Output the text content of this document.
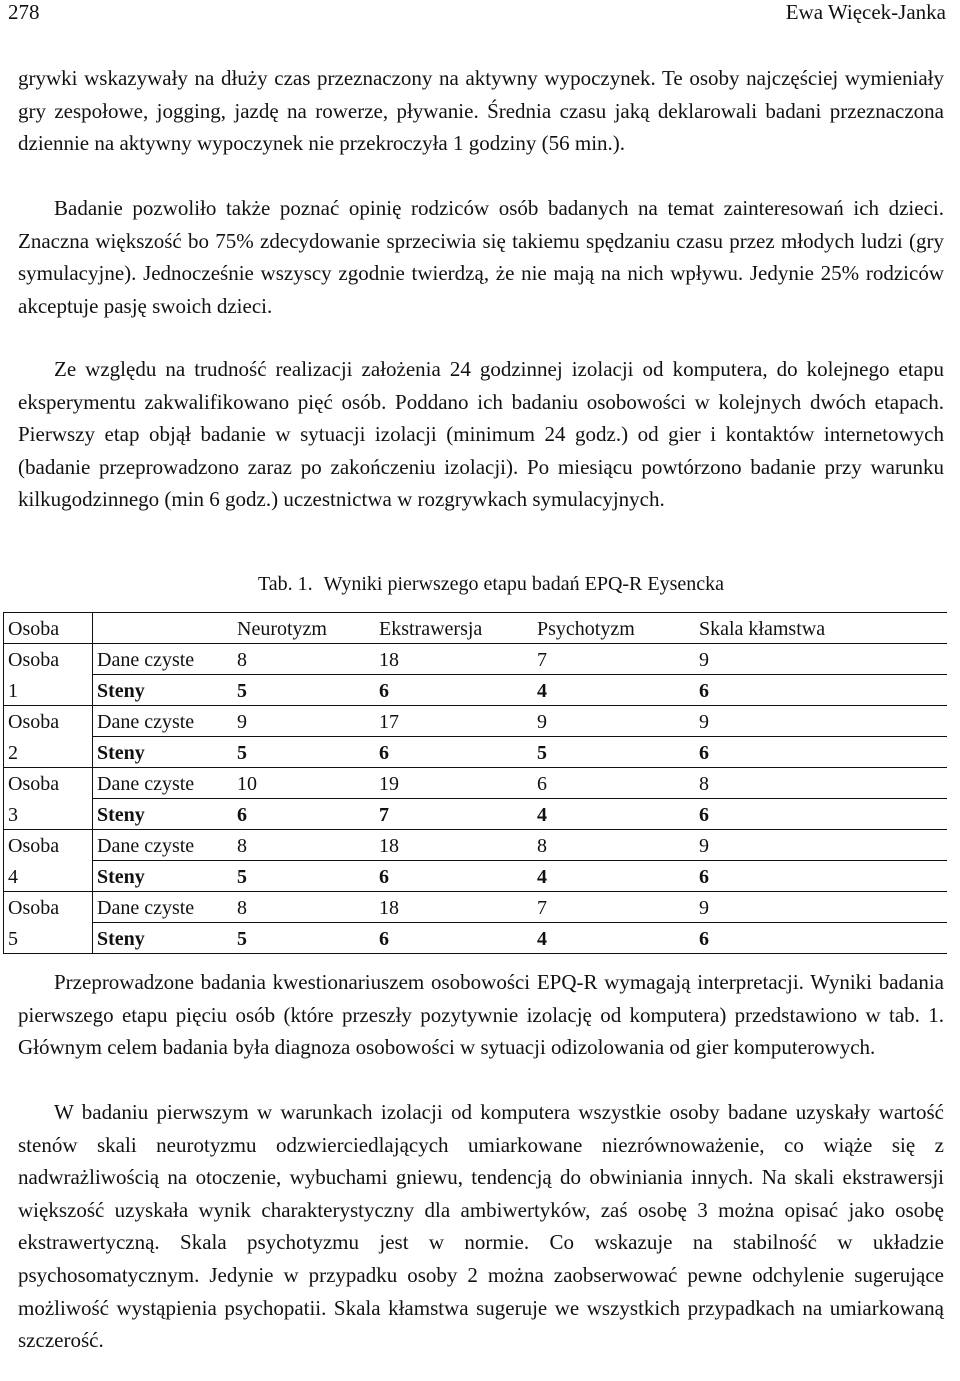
278	Ewa Więcek-Janka

grywki wskazywały na dłuży czas przeznaczony na aktywny wypoczynek. Te osoby najczęściej wymieniały gry zespołowe, jogging, jazdę na rowerze, pływanie. Średnia czasu jaką deklarowali badani przeznaczona dziennie na aktywny wypoczynek nie przekroczyła 1 godziny (56 min.).

Badanie pozwoliło także poznać opinię rodziców osób badanych na temat zainteresowań ich dzieci. Znaczna większość bo 75% zdecydowanie sprzeciwia się takiemu spędzaniu czasu przez młodych ludzi (gry symulacyjne). Jednocześnie wszyscy zgodnie twierdzą, że nie mają na nich wpływu. Jedynie 25% rodziców akceptuje pasję swoich dzieci.

Ze względu na trudność realizacji założenia 24 godzinnej izolacji od komputera, do kolejnego etapu eksperymentu zakwalifikowano pięć osób. Poddano ich badaniu osobowości w kolejnych dwóch etapach. Pierwszy etap objął badanie w sytuacji izolacji (minimum 24 godz.) od gier i kontaktów internetowych (badanie przeprowadzono zaraz po zakończeniu izolacji). Po miesiącu powtórzono badanie przy warunku kilkugodzinnego (min 6 godz.) uczestnictwa w rozgrywkach symulacyjnych.

Tab. 1. Wyniki pierwszego etapu badań EPQ-R Eysencka
Osoba		Neurotyzm	Ekstrawersja	Psychotyzm	Skala kłamstwa
Osoba	Dane czyste	8	18	7	9
1	Steny	5	6	4	6
Osoba	Dane czyste	9	17	9	9
2	Steny	5	6	5	6
Osoba	Dane czyste	10	19	6	8
3	Steny	6	7	4	6
Osoba	Dane czyste	8	18	8	9
4	Steny	5	6	4	6
Osoba	Dane czyste	8	18	7	9
5	Steny	5	6	4	6

Przeprowadzone badania kwestionariuszem osobowości EPQ-R wymagają interpretacji. Wyniki badania pierwszego etapu pięciu osób (które przeszły pozytywnie izolację od komputera) przedstawiono w tab. 1. Głównym celem badania była diagnoza osobowości w sytuacji odizolowania od gier komputerowych.

W badaniu pierwszym w warunkach izolacji od komputera wszystkie osoby badane uzyskały wartość stenów skali neurotyzmu odzwierciedlających umiarkowane niezrównoważenie, co wiąże się z nadwrażliwością na otoczenie, wybuchami gniewu, tendencją do obwiniania innych. Na skali ekstrawersji większość uzyskała wynik charakterystyczny dla ambiwertyków, zaś osobę 3 można opisać jako osobę ekstrawertyczną. Skala psychotyzmu jest w normie. Co wskazuje na stabilność w układzie psychosomatycznym. Jedynie w przypadku osoby 2 można zaobserwować pewne odchylenie sugerujące możliwość wystąpienia psychopatii. Skala kłamstwa sugeruje we wszystkich przypadkach na umiarkowaną szczerość.
